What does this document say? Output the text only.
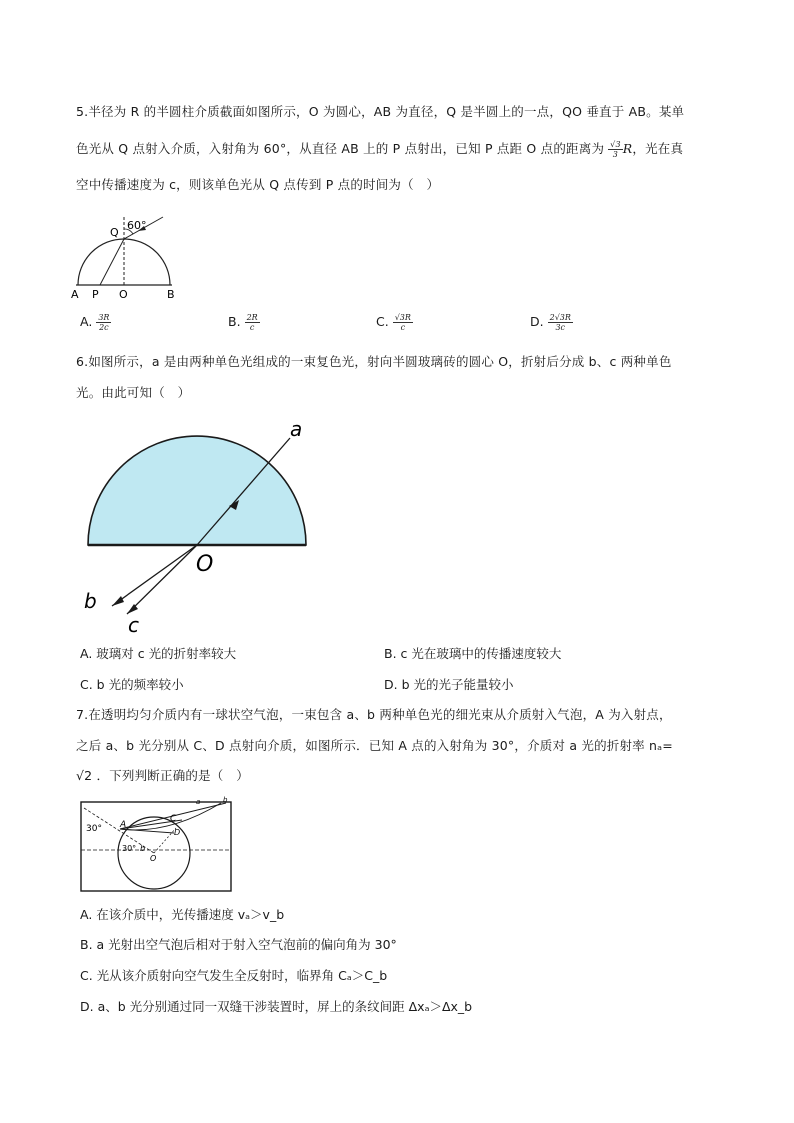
5.半径为 R 的半圆柱介质截面如图所示，O 为圆心，AB 为直径，Q 是半圆上的一点，QO 垂直于 AB。某单
色光从 Q 点射入介质，入射角为 60°，从直径 AB 上的 P 点射出，已知 P 点距 O 点的距离为 $\frac{√3}{3}$ R，光在真
空中传播速度为 c，则该单色光从 Q 点传到 P 点的时间为（　）
60°
Q
A P O	B
A. $\frac{3R}{2c}$	B. $\frac{2R}{c}$	C. $\frac{√3R}{c}$	D. $\frac{2√3R}{3c}$
6.如图所示，a 是由两种单色光组成的一束复色光，射向半圆玻璃砖的圆心 O，折射后分成 b、c 两种单色
光。由此可知（　）
a
O
b
c
A. 玻璃对 c 光的折射率较大	B. c 光在玻璃中的传播速度较大
C. b 光的频率较小	D. b 光的光子能量较小
7.在透明均匀介质内有一球状空气泡，一束包含 a、b 两种单色光的细光束从介质射入气泡，A 为入射点，
之后 a、b 光分别从 C、D 点射向介质，如图所示．已知 A 点的入射角为 30°，介质对 a 光的折射率 nₐ=
√2 ．下列判断正确的是（　）
30°
30°
A
C
D
O
b
a	b
A. 在该介质中，光传播速度 vₐ＞v_b
B. a 光射出空气泡后相对于射入空气泡前的偏向角为 30°
C. 光从该介质射向空气发生全反射时，临界角 Cₐ＞C_b
D. a、b 光分别通过同一双缝干涉装置时，屏上的条纹间距 Δxₐ＞Δx_b
